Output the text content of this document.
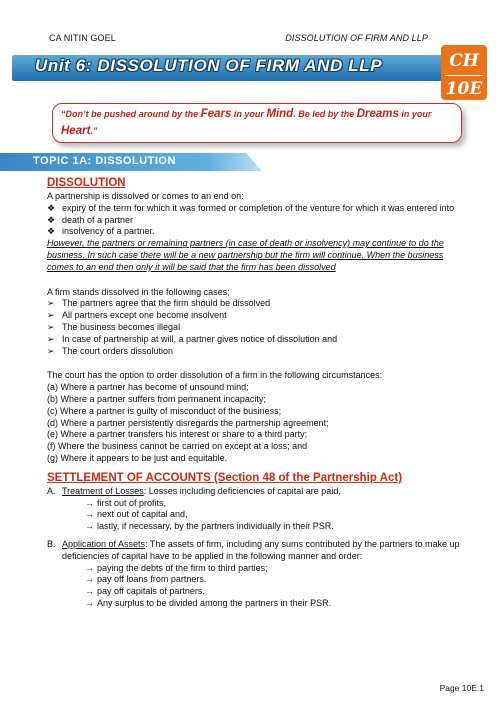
CA NITIN GOEL	DISSOLUTION OF FIRM AND LLP
Unit 6: DISSOLUTION OF FIRM AND LLP	CH
10E
“Don’t be pushed around by the Fears in your Mind. Be led by the Dreams in your Heart.”
TOPIC 1A: DISSOLUTION

DISSOLUTION

A partnership is dissolved or comes to an end on:

❖ expiry of the term for which it was formed or completion of the venture for which it was entered into
❖ death of a partner
❖ insolvency of a partner.

However, the partners or remaining partners (in case of death or insolvency) may continue to do the business. In such case there will be a new partnership but the firm will continue. When the business comes to an end then only it will be said that the firm has been dissolved

A firm stands dissolved in the following cases;

➢ The partners agree that the firm should be dissolved
➢ All partners except one become insolvent
➢ The business becomes illegal
➢ In case of partnership at will, a partner gives notice of dissolution and
➢ The court orders dissolution

The court has the option to order dissolution of a firm in the following circumstances:

(a) Where a partner has become of unsound mind;

(b) Where a partner suffers from permanent incapacity;

(c) Where a partner is guilty of misconduct of the business;

(d) Where a partner persistently disregards the partnership agreement;

(e) Where a partner transfers his interest or share to a third party;

(f) Where the business cannot be carried on except at a loss; and

(g) Where it appears to be just and equitable.

SETTLEMENT OF ACCOUNTS (Section 48 of the Partnership Act)

A. Treatment of Losses: Losses including deficiencies of capital are paid,

→ first out of profits,
→ next out of capital and,
→ lastly, if necessary, by the partners individually in their PSR.

B. Application of Assets: The assets of firm, including any sums contributed by the partners to make up deficiencies of capital have to be applied in the following manner and order:

→ paying the debts of the firm to third parties;
→ pay off loans from partners.
→ pay off capitals of partners.
→ Any surplus to be divided among the partners in their PSR.
Page 10E.1
